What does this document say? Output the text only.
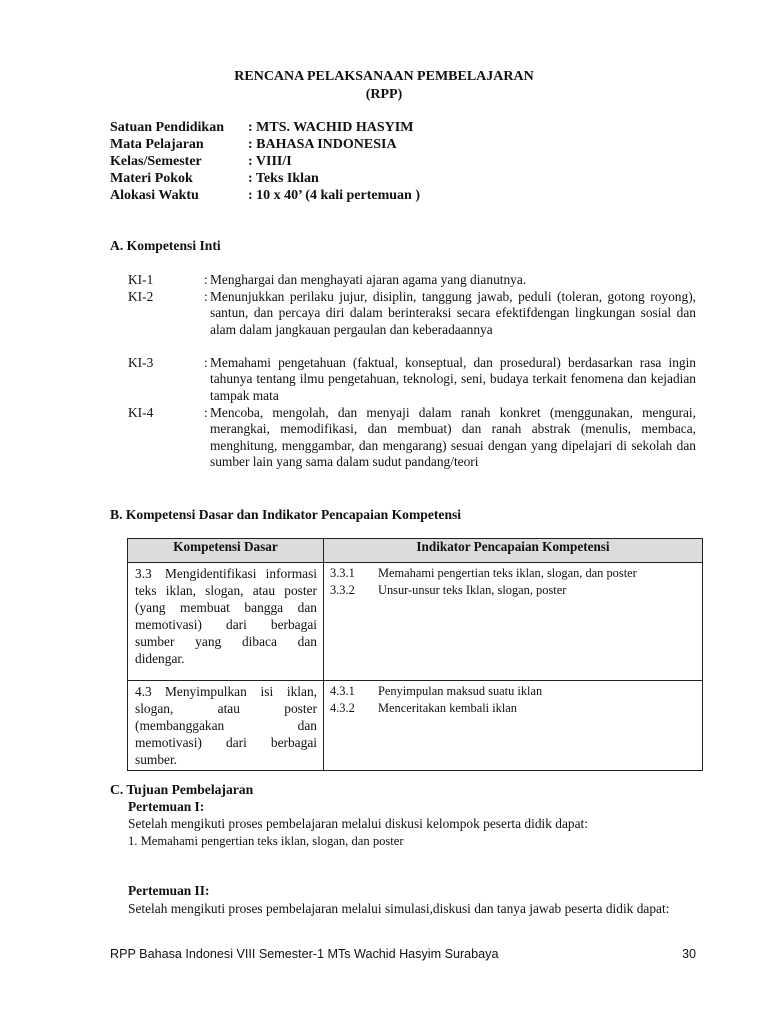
RENCANA PELAKSANAAN PEMBELAJARAN
(RPP)
Satuan Pendidikan : MTS. WACHID HASYIM
Mata Pelajaran	: BAHASA INDONESIA
Kelas/Semester	: VIII/I
Materi Pokok	: Teks Iklan
Alokasi Waktu	: 10 x 40’ (4 kali pertemuan )
A. Kompetensi Inti
KI-1	: Menghargai dan menghayati ajaran agama yang dianutnya.
KI-2	: Menunjukkan perilaku jujur, disiplin, tanggung jawab, peduli (toleran, gotong royong), santun, dan percaya diri dalam berinteraksi secara efektifdengan lingkungan sosial dan alam dalam jangkauan pergaulan dan keberadaannya
KI-3	: Memahami pengetahuan (faktual, konseptual, dan prosedural) berdasarkan rasa ingin tahunya tentang ilmu pengetahuan, teknologi, seni, budaya terkait fenomena dan kejadian tampak mata
KI-4	: Mencoba, mengolah, dan menyaji dalam ranah konkret (menggunakan, mengurai, merangkai, memodifikasi, dan membuat) dan ranah abstrak (menulis, membaca, menghitung, menggambar, dan mengarang) sesuai dengan yang dipelajari di sekolah dan sumber lain yang sama dalam sudut pandang/teori
B. Kompetensi Dasar dan Indikator Pencapaian Kompetensi
Kompetensi Dasar	Indikator Pencapaian Kompetensi

3.3 Mengidentifikasi informasi teks iklan, slogan, atau poster (yang membuat bangga dan memotivasi) dari berbagai sumber yang dibaca dan didengar.	3.3.1 Memahami pengertian teks iklan, slogan, dan poster
3.3.2 Unsur-unsur teks Iklan, slogan, poster

4.3 Menyimpulkan isi iklan, slogan, atau poster (membanggakan dan memotivasi) dari berbagai sumber.	4.3.1 Penyimpulan maksud suatu iklan
4.3.2 Menceritakan kembali iklan
C. Tujuan Pembelajaran
Pertemuan I:
Setelah mengikuti proses pembelajaran melalui diskusi kelompok peserta didik dapat:
1. Memahami pengertian teks iklan, slogan, dan poster
Pertemuan II:
Setelah mengikuti proses pembelajaran melalui simulasi,diskusi dan tanya jawab peserta didik dapat:
RPP Bahasa Indonesi VIII Semester-1 MTs Wachid Hasyim Surabaya	30
